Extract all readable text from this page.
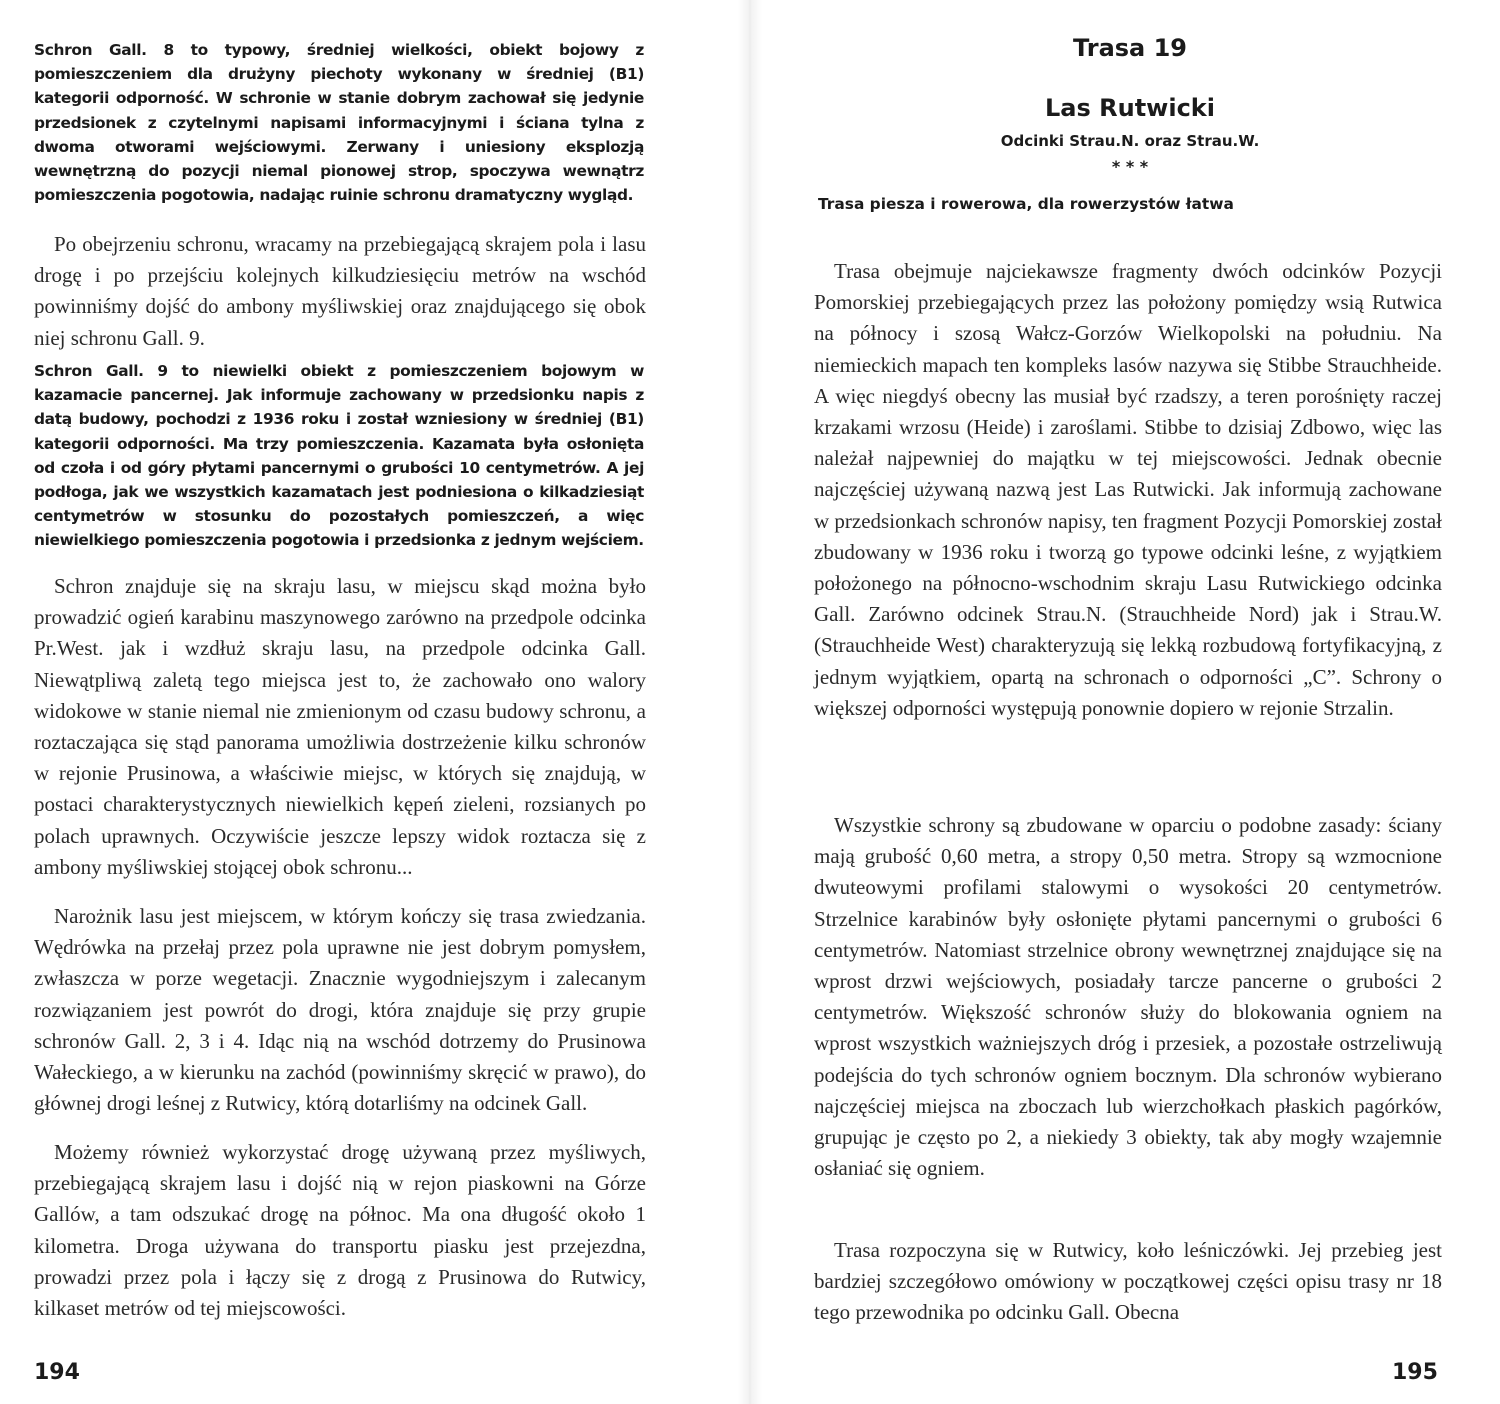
Schron Gall. 8 to typowy, średniej wielkości, obiekt bojowy z pomieszczeniem dla drużyny piechoty wykonany w średniej (B1) kategorii odporność. W schronie w stanie dobrym zachował się jedynie przedsionek z czytelnymi napisami informacyjnymi i ściana tylna z dwoma otworami wejściowymi. Zerwany i uniesiony eksplozją wewnętrzną do pozycji niemal pionowej strop, spoczywa wewnątrz pomieszczenia pogotowia, nadając ruinie schronu dramatyczny wygląd.

Po obejrzeniu schronu, wracamy na przebiegającą skrajem pola i lasu drogę i po przejściu kolejnych kilkudziesięciu metrów na wschód powinniśmy dojść do ambony myśliwskiej oraz znajdującego się obok niej schronu Gall. 9.

Schron Gall. 9 to niewielki obiekt z pomieszczeniem bojowym w kazamacie pancernej. Jak informuje zachowany w przedsionku napis z datą budowy, pochodzi z 1936 roku i został wzniesiony w średniej (B1) kategorii odporności. Ma trzy pomieszczenia. Kazamata była osłonięta od czoła i od góry płytami pancernymi o grubości 10 centymetrów. A jej podłoga, jak we wszystkich kazamatach jest podniesiona o kilkadziesiąt centymetrów w stosunku do pozostałych pomieszczeń, a więc niewielkiego pomieszczenia pogotowia i przedsionka z jednym wejściem.

Schron znajduje się na skraju lasu, w miejscu skąd można było prowadzić ogień karabinu maszynowego zarówno na przedpole odcinka Pr.West. jak i wzdłuż skraju lasu, na przedpole odcinka Gall. Niewątpliwą zaletą tego miejsca jest to, że zachowało ono walory widokowe w stanie niemal nie zmienionym od czasu budowy schronu, a roztaczająca się stąd panorama umożliwia dostrzeżenie kilku schronów w rejonie Prusinowa, a właściwie miejsc, w których się znajdują, w postaci charakterystycznych niewielkich kępeń zieleni, rozsianych po polach uprawnych. Oczywiście jeszcze lepszy widok roztacza się z ambony myśliwskiej stojącej obok schronu...

Narożnik lasu jest miejscem, w którym kończy się trasa zwiedzania. Wędrówka na przełaj przez pola uprawne nie jest dobrym pomysłem, zwłaszcza w porze wegetacji. Znacznie wygodniejszym i zalecanym rozwiązaniem jest powrót do drogi, która znajduje się przy grupie schronów Gall. 2, 3 i 4. Idąc nią na wschód dotrzemy do Prusinowa Wałeckiego, a w kierunku na zachód (powinniśmy skręcić w prawo), do głównej drogi leśnej z Rutwicy, którą dotarliśmy na odcinek Gall.

Możemy również wykorzystać drogę używaną przez myśliwych, przebiegającą skrajem lasu i dojść nią w rejon piaskowni na Górze Gallów, a tam odszukać drogę na północ. Ma ona długość około 1 kilometra. Droga używana do transportu piasku jest przejezdna, prowadzi przez pola i łączy się z drogą z Prusinowa do Rutwicy, kilkaset metrów od tej miejscowości.

194

Trasa 19

Las Rutwicki

Odcinki Strau.N. oraz Strau.W.

* * *

Trasa piesza i rowerowa, dla rowerzystów łatwa

Trasa obejmuje najciekawsze fragmenty dwóch odcinków Pozycji Pomorskiej przebiegających przez las położony pomiędzy wsią Rutwica na północy i szosą Wałcz-Gorzów Wielkopolski na południu. Na niemieckich mapach ten kompleks lasów nazywa się Stibbe Strauchheide. A więc niegdyś obecny las musiał być rzadszy, a teren porośnięty raczej krzakami wrzosu (Heide) i zaroślami. Stibbe to dzisiaj Zdbowo, więc las należał najpewniej do majątku w tej miejscowości. Jednak obecnie najczęściej używaną nazwą jest Las Rutwicki. Jak informują zachowane w przedsionkach schronów napisy, ten fragment Pozycji Pomorskiej został zbudowany w 1936 roku i tworzą go typowe odcinki leśne, z wyjątkiem położonego na północno-wschodnim skraju Lasu Rutwickiego odcinka Gall. Zarówno odcinek Strau.N. (Strauchheide Nord) jak i Strau.W. (Strauchheide West) charakteryzują się lekką rozbudową fortyfikacyjną, z jednym wyjątkiem, opartą na schronach o odporności „C”. Schrony o większej odporności występują ponownie dopiero w rejonie Strzalin.

Wszystkie schrony są zbudowane w oparciu o podobne zasady: ściany mają grubość 0,60 metra, a stropy 0,50 metra. Stropy są wzmocnione dwuteowymi profilami stalowymi o wysokości 20 centymetrów. Strzelnice karabinów były osłonięte płytami pancernymi o grubości 6 centymetrów. Natomiast strzelnice obrony wewnętrznej znajdujące się na wprost drzwi wejściowych, posiadały tarcze pancerne o grubości 2 centymetrów. Większość schronów służy do blokowania ogniem na wprost wszystkich ważniejszych dróg i przesiek, a pozostałe ostrzeliwują podejścia do tych schronów ogniem bocznym. Dla schronów wybierano najczęściej miejsca na zboczach lub wierzchołkach płaskich pagórków, grupując je często po 2, a niekiedy 3 obiekty, tak aby mogły wzajemnie osłaniać się ogniem.

Trasa rozpoczyna się w Rutwicy, koło leśniczówki. Jej przebieg jest bardziej szczegółowo omówiony w początkowej części opisu trasy nr 18 tego przewodnika po odcinku Gall. Obecna

195
